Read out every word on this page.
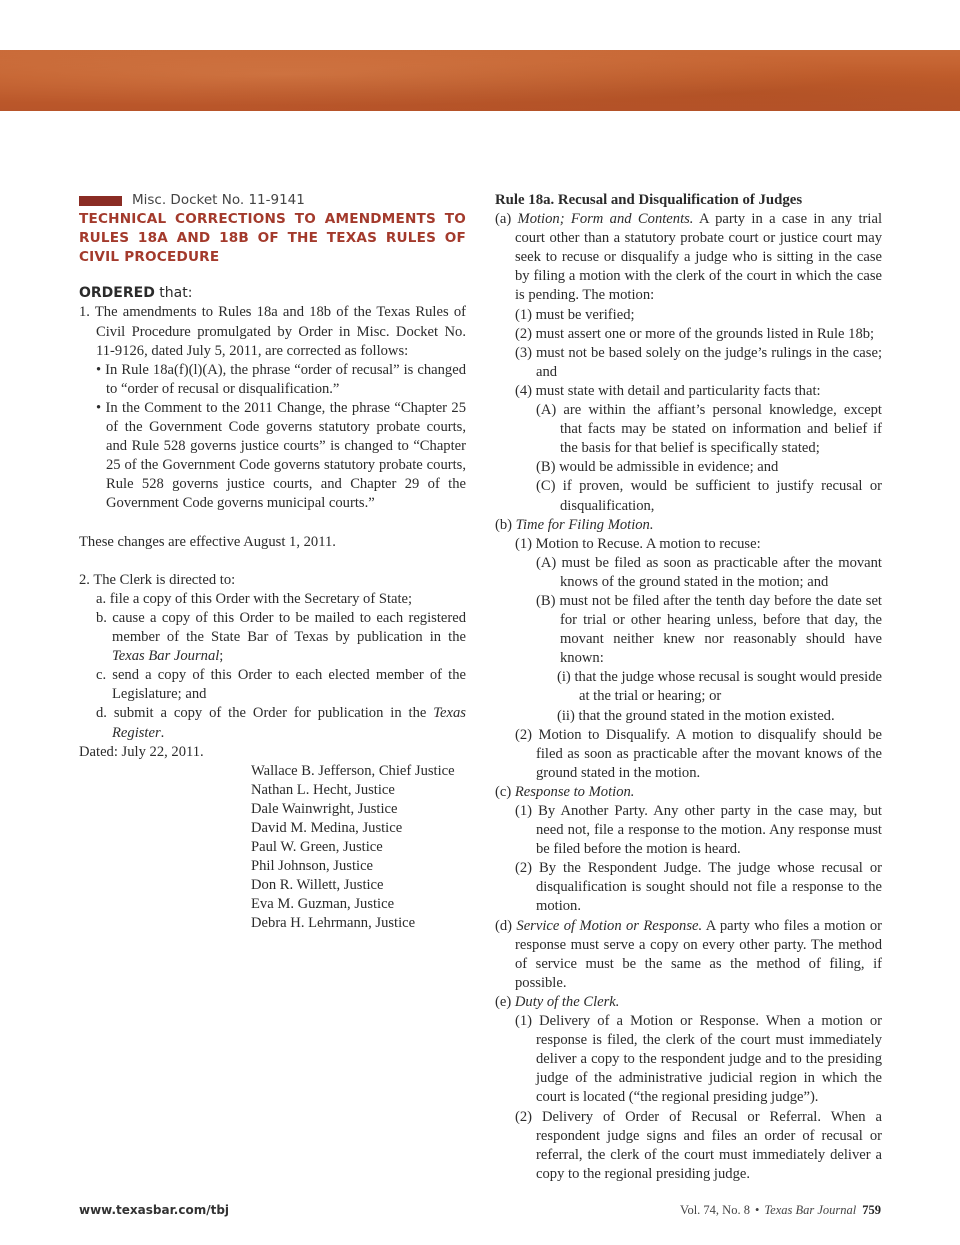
Misc. Docket No. 11-9141
TECHNICAL CORRECTIONS TO AMENDMENTS TO RULES 18A AND 18B OF THE TEXAS RULES OF CIVIL PROCEDURE
ORDERED that:
1. The amendments to Rules 18a and 18b of the Texas Rules of Civil Procedure promulgated by Order in Misc. Docket No. 11-9126, dated July 5, 2011, are corrected as follows:
• In Rule 18a(f)(l)(A), the phrase “order of recusal” is changed to “order of recusal or disqualification.”
• In the Comment to the 2011 Change, the phrase “Chapter 25 of the Government Code governs statutory probate courts, and Rule 528 governs justice courts” is changed to “Chapter 25 of the Government Code governs statutory probate courts, Rule 528 governs justice courts, and Chapter 29 of the Government Code governs municipal courts.”
These changes are effective August 1, 2011.
2. The Clerk is directed to:
a. file a copy of this Order with the Secretary of State;
b. cause a copy of this Order to be mailed to each registered member of the State Bar of Texas by publication in the Texas Bar Journal;
c. send a copy of this Order to each elected member of the Legislature; and
d. submit a copy of the Order for publication in the Texas Register.
Dated: July 22, 2011.
Wallace B. Jefferson, Chief Justice
Nathan L. Hecht, Justice
Dale Wainwright, Justice
David M. Medina, Justice
Paul W. Green, Justice
Phil Johnson, Justice
Don R. Willett, Justice
Eva M. Guzman, Justice
Debra H. Lehrmann, Justice
Rule 18a. Recusal and Disqualification of Judges
(a) Motion; Form and Contents. A party in a case in any trial court other than a statutory probate court or justice court may seek to recuse or disqualify a judge who is sitting in the case by filing a motion with the clerk of the court in which the case is pending. The motion:
(1) must be verified;
(2) must assert one or more of the grounds listed in Rule 18b;
(3) must not be based solely on the judge’s rulings in the case; and
(4) must state with detail and particularity facts that:
(A) are within the affiant’s personal knowledge, except that facts may be stated on information and belief if the basis for that belief is specifically stated;
(B) would be admissible in evidence; and
(C) if proven, would be sufficient to justify recusal or disqualification,
(b) Time for Filing Motion.
(1) Motion to Recuse. A motion to recuse:
(A) must be filed as soon as practicable after the movant knows of the ground stated in the motion; and
(B) must not be filed after the tenth day before the date set for trial or other hearing unless, before that day, the movant neither knew nor reasonably should have known:
(i) that the judge whose recusal is sought would preside at the trial or hearing; or
(ii) that the ground stated in the motion existed.
(2) Motion to Disqualify. A motion to disqualify should be filed as soon as practicable after the movant knows of the ground stated in the motion.
(c) Response to Motion.
(1) By Another Party. Any other party in the case may, but need not, file a response to the motion. Any response must be filed before the motion is heard.
(2) By the Respondent Judge. The judge whose recusal or disqualification is sought should not file a response to the motion.
(d) Service of Motion or Response. A party who files a motion or response must serve a copy on every other party. The method of service must be the same as the method of filing, if possible.
(e) Duty of the Clerk.
(1) Delivery of a Motion or Response. When a motion or response is filed, the clerk of the court must immediately deliver a copy to the respondent judge and to the presiding judge of the administrative judicial region in which the court is located (“the regional presiding judge”).
(2) Delivery of Order of Recusal or Referral. When a respondent judge signs and files an order of recusal or referral, the clerk of the court must immediately deliver a copy to the regional presiding judge.
www.texasbar.com/tbj	Vol. 74, No. 8 • Texas Bar Journal 759
